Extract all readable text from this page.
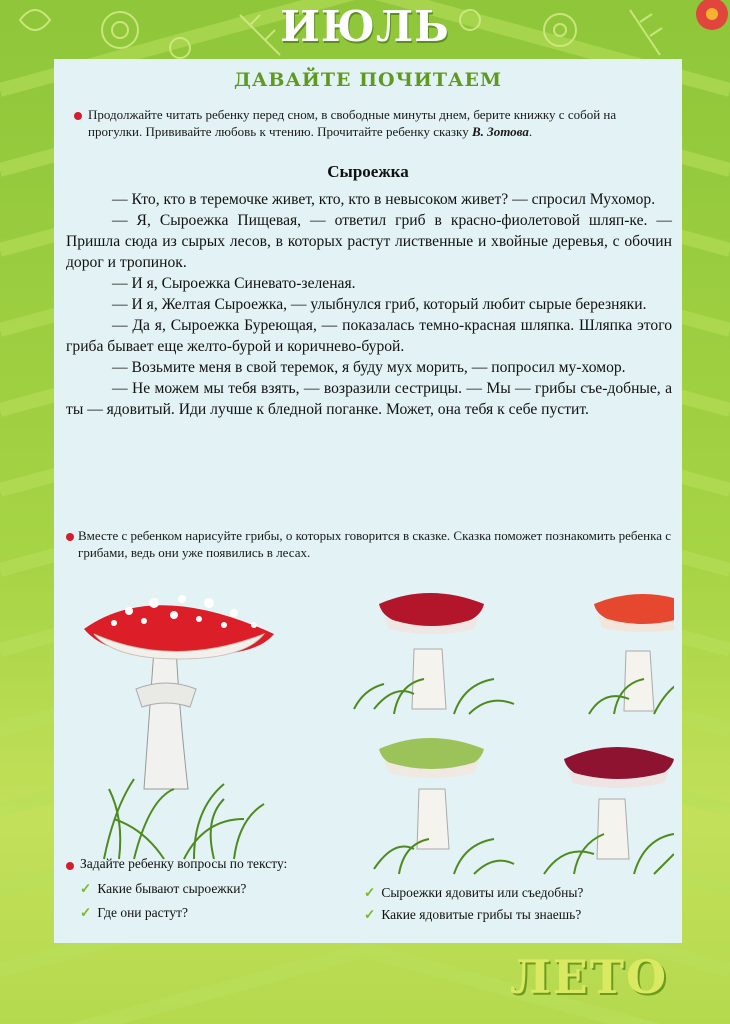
ИЮЛЬ
ДАВАЙТЕ ПОЧИТАЕМ
Продолжайте читать ребенку перед сном, в свободные минуты днем, берите книжку с собой на прогулки. Прививайте любовь к чтению. Прочитайте ребенку сказку В. Зотова.
Сыроежка

— Кто, кто в теремочке живет, кто, кто в невысоком живет? — спросил Мухомор.

— Я, Сыроежка Пищевая, — ответил гриб в красно-фиолетовой шляп-ке. — Пришла сюда из сырых лесов, в которых растут лиственные и хвойные деревья, с обочин дорог и тропинок.

— И я, Сыроежка Синевато-зеленая.

— И я, Желтая Сыроежка, — улыбнулся гриб, который любит сырые березняки.

— Да я, Сыроежка Буреющая, — показалась темно-красная шляпка. Шляпка этого гриба бывает еще желто-бурой и коричнево-бурой.

— Возьмите меня в свой теремок, я буду мух морить, — попросил му-хомор.

— Не можем мы тебя взять, — возразили сестрицы. — Мы — грибы съе-добные, а ты — ядовитый. Иди лучше к бледной поганке. Может, она тебя к себе пустит.

Вместе с ребенком нарисуйте грибы, о которых говорится в сказке. Сказка поможет познакомить ребенка с грибами, ведь они уже появились в лесах.
Задайте ребенку вопросы по тексту:
✓ Какие бывают сыроежки?
✓ Где они растут?
✓ Сыроежки ядовиты или съедобны?
✓ Какие ядовитые грибы ты знаешь?
ЛЕТО
